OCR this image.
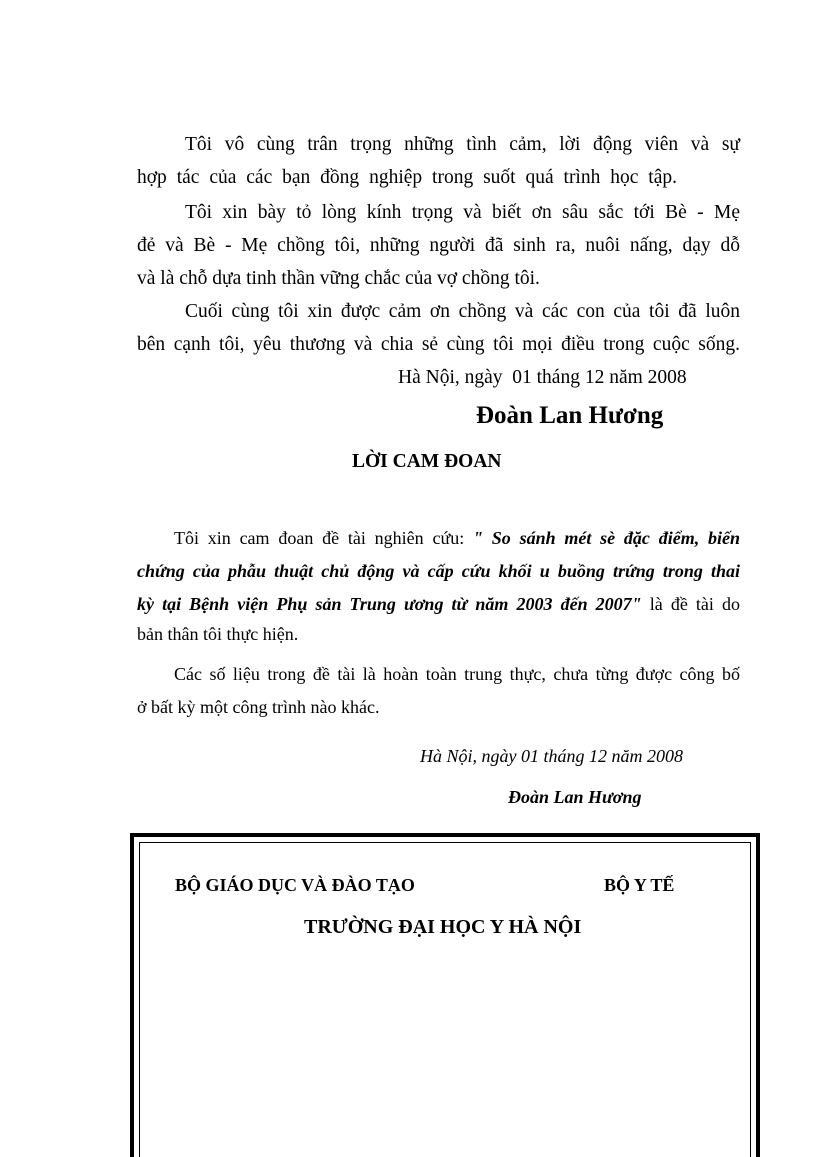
Tôi vô cùng trân trọng những tình cảm, lời động viên và sự
hợp tác của các bạn đồng nghiệp trong suốt quá trình học tập.
Tôi xin bày tỏ lòng kính trọng và biết ơn sâu sắc tới Bè - Mẹ
đẻ và Bè - Mẹ chồng tôi, những người đã sinh ra, nuôi nấng, dạy dỗ
và là chỗ dựa tinh thần vững chắc của vợ chồng tôi.
Cuối cùng tôi xin được cảm ơn chồng và các con của tôi đã luôn
bên cạnh tôi, yêu thương và chia sẻ cùng tôi mọi điều trong cuộc sống.
Hà Nội, ngày  01 tháng 12 năm 2008
Đoàn Lan Hương
LỜI CAM ĐOAN
Tôi xin cam đoan đề tài nghiên cứu: " So sánh mét sè đặc điểm, biến
chứng của phẫu thuật chủ động và cấp cứu khối u buồng trứng trong thai
kỳ tại Bệnh viện Phụ sản Trung ương từ năm 2003 đến 2007" là đề tài do
bản thân tôi thực hiện.
Các số liệu trong đề tài là hoàn toàn trung thực, chưa từng được công bố
ở bất kỳ một công trình nào khác.
Hà Nội, ngày 01 tháng 12 năm 2008
Đoàn Lan Hương
BỘ GIÁO DỤC VÀ ĐÀO TẠO	BỘ Y TẾ
TRƯỜNG ĐẠI HỌC Y HÀ NỘI
